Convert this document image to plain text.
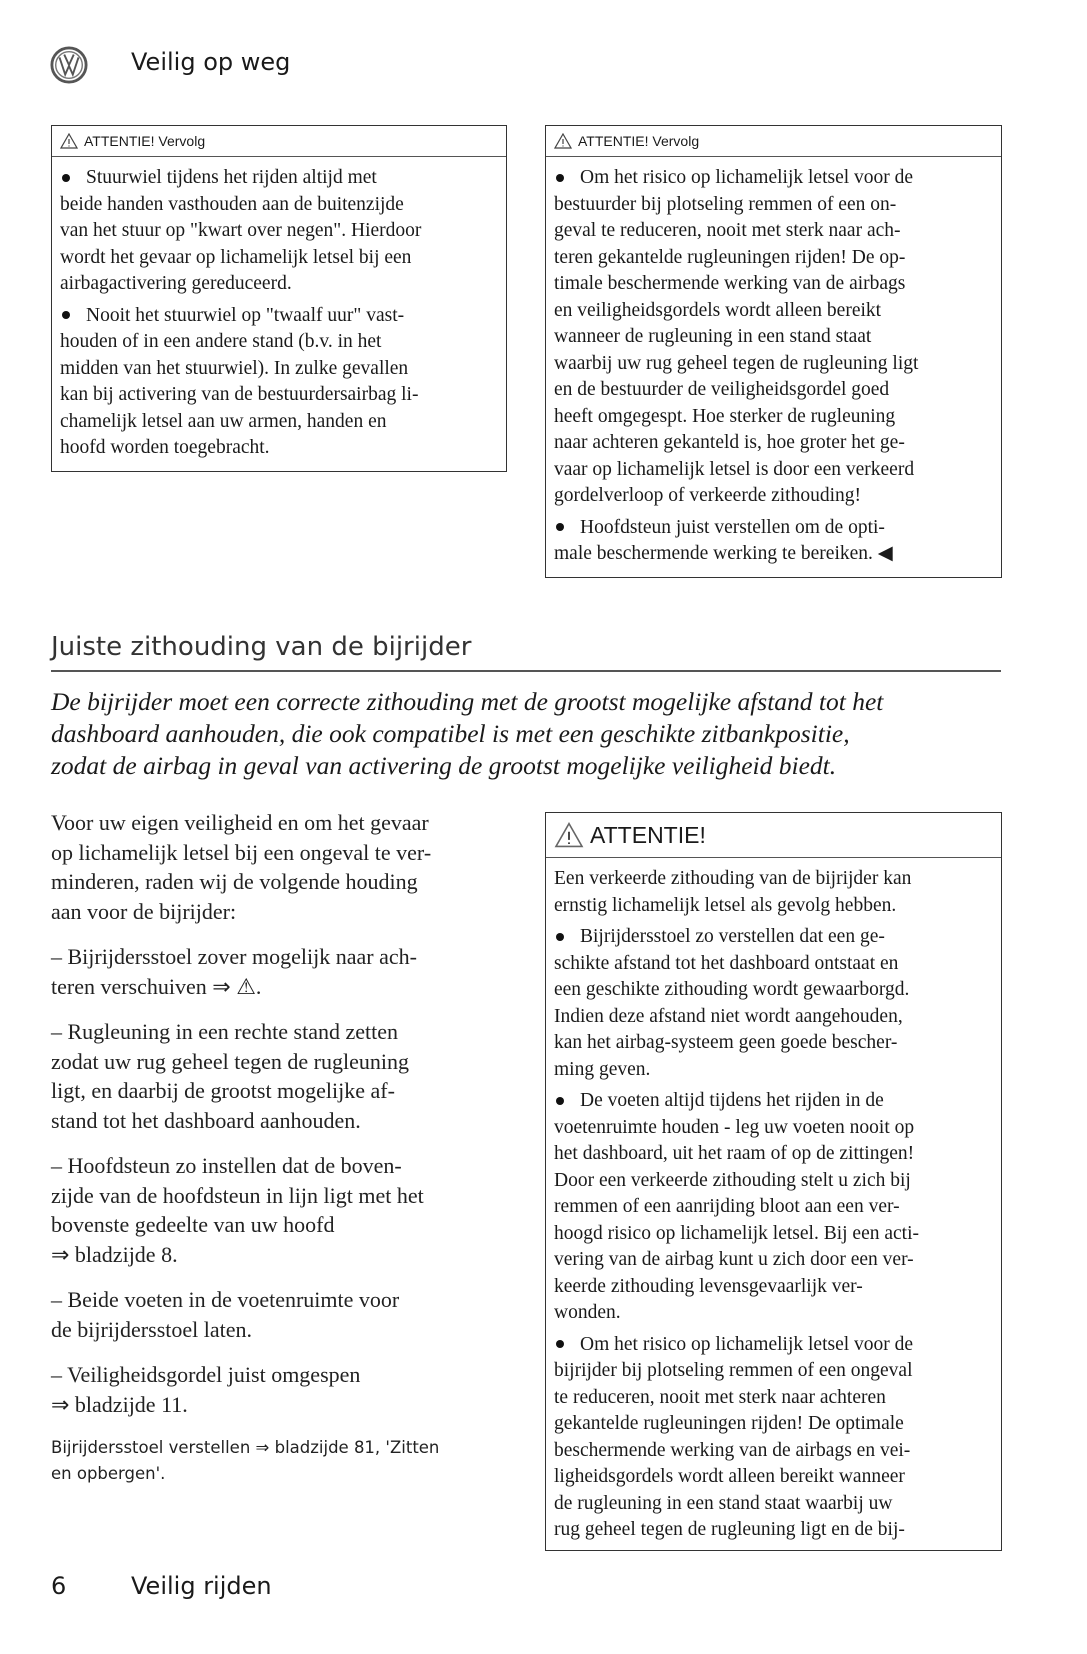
Veilig op weg
ATTENTIE! Vervolg
Stuurwiel tijdens het rijden altijd met
beide handen vasthouden aan de buitenzijde
van het stuur op "kwart over negen". Hierdoor
wordt het gevaar op lichamelijk letsel bij een
airbagactivering gereduceerd.
Nooit het stuurwiel op "twaalf uur" vast-
houden of in een andere stand (b.v. in het
midden van het stuurwiel). In zulke gevallen
kan bij activering van de bestuurdersairbag li-
chamelijk letsel aan uw armen, handen en
hoofd worden toegebracht.
ATTENTIE! Vervolg
Om het risico op lichamelijk letsel voor de
bestuurder bij plotseling remmen of een on-
geval te reduceren, nooit met sterk naar ach-
teren gekantelde rugleuningen rijden! De op-
timale beschermende werking van de airbags
en veiligheidsgordels wordt alleen bereikt
wanneer de rugleuning in een stand staat
waarbij uw rug geheel tegen de rugleuning ligt
en de bestuurder de veiligheidsgordel goed
heeft omgegespt. Hoe sterker de rugleuning
naar achteren gekanteld is, hoe groter het ge-
vaar op lichamelijk letsel is door een verkeerd
gordelverloop of verkeerde zithouding!
Hoofdsteun juist verstellen om de opti-
male beschermende werking te bereiken. ◀
Juiste zithouding van de bijrijder
De bijrijder moet een correcte zithouding met de grootst mogelijke afstand tot het
dashboard aanhouden, die ook compatibel is met een geschikte zitbankpositie,
zodat de airbag in geval van activering de grootst mogelijke veiligheid biedt.
Voor uw eigen veiligheid en om het gevaar
op lichamelijk letsel bij een ongeval te ver-
minderen, raden wij de volgende houding
aan voor de bijrijder:
– Bijrijdersstoel zover mogelijk naar ach-
teren verschuiven ⇒ ⚠.
– Rugleuning in een rechte stand zetten
zodat uw rug geheel tegen de rugleuning
ligt, en daarbij de grootst mogelijke af-
stand tot het dashboard aanhouden.
– Hoofdsteun zo instellen dat de boven-
zijde van de hoofdsteun in lijn ligt met het
bovenste gedeelte van uw hoofd
⇒ bladzijde 8.
– Beide voeten in de voetenruimte voor
de bijrijdersstoel laten.
– Veiligheidsgordel juist omgespen
⇒ bladzijde 11.
Bijrijdersstoel verstellen ⇒ bladzijde 81, 'Zitten
en opbergen'.
ATTENTIE!
Een verkeerde zithouding van de bijrijder kan
ernstig lichamelijk letsel als gevolg hebben.
Bijrijdersstoel zo verstellen dat een ge-
schikte afstand tot het dashboard ontstaat en
een geschikte zithouding wordt gewaarborgd.
Indien deze afstand niet wordt aangehouden,
kan het airbag-systeem geen goede bescher-
ming geven.
De voeten altijd tijdens het rijden in de
voetenruimte houden - leg uw voeten nooit op
het dashboard, uit het raam of op de zittingen!
Door een verkeerde zithouding stelt u zich bij
remmen of een aanrijding bloot aan een ver-
hoogd risico op lichamelijk letsel. Bij een acti-
vering van de airbag kunt u zich door een ver-
keerde zithouding levensgevaarlijk ver-
wonden.
Om het risico op lichamelijk letsel voor de
bijrijder bij plotseling remmen of een ongeval
te reduceren, nooit met sterk naar achteren
gekantelde rugleuningen rijden! De optimale
beschermende werking van de airbags en vei-
ligheidsgordels wordt alleen bereikt wanneer
de rugleuning in een stand staat waarbij uw
rug geheel tegen de rugleuning ligt en de bij-
6	Veilig rijden
